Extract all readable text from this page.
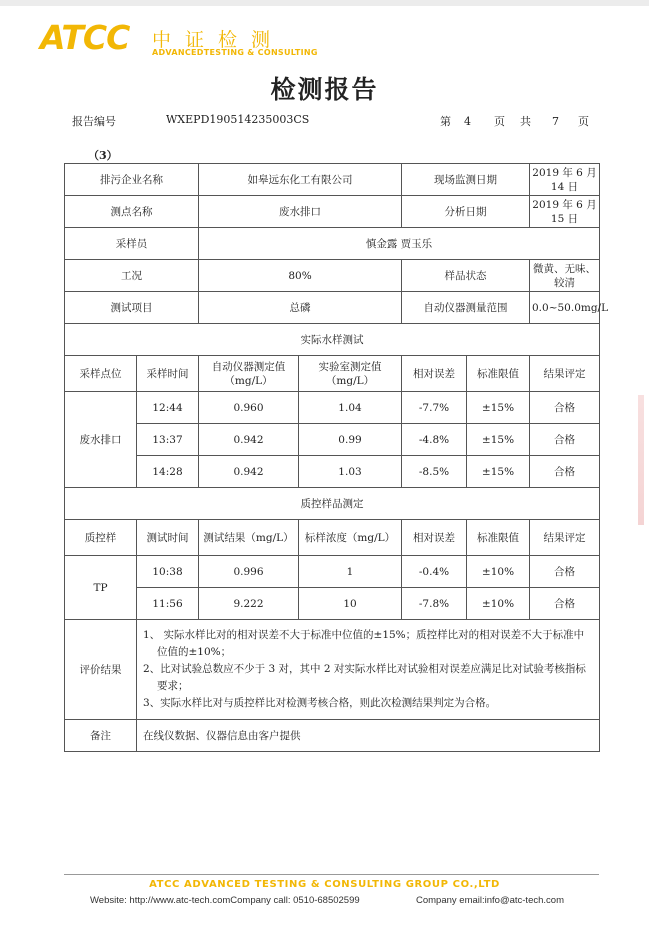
ATCC 中证检测
ADVANCEDTESTING & CONSULTING
检测报告
报告编号	WXEPD190514235003CS	第 4 页 共 7 页
（3）
排污企业名称		如皋远东化工有限公司		现场监测日期		2019 年 6 月 14 日
测点名称		废水排口		分析日期		2019 年 6 月 15 日
采样员		慎金露 贾玉乐				
工况		80%		样品状态		微黄、无味、较清
测试项目		总磷		自动仪器测量范围		0.0~50.0mg/L
实际水样测试						
采样点位	采样时间	自动仪器测定值（mg/L）	实验室测定值（mg/L）	相对误差	标准限值	结果评定
废水排口	12:44	0.960	1.04	-7.7%	±15%	合格
	13:37	0.942	0.99	-4.8%	±15%	合格
	14:28	0.942	1.03	-8.5%	±15%	合格
质控样品测定						
质控样	测试时间	测试结果（mg/L）	标样浓度（mg/L）	相对误差	标准限值	结果评定
TP	10:38	0.996	1	-0.4%	±10%	合格
	11:56	9.222	10	-7.8%	±10%	合格
评价结果	1、 实际水样比对的相对误差不大于标准中位值的±15%；质控样比对的相对误差不大于标准中位值的±10%；
2、比对试验总数应不少于 3 对，其中 2 对实际水样比对试验相对误差应满足比对试验考核指标要求；
3、实际水样比对与质控样比对检测考核合格，则此次检测结果判定为合格。					

备注	在线仪数据、仪器信息由客户提供					
ATCC ADVANCED TESTING & CONSULTING GROUP CO.,LTD
Website: http://www.atc-tech.comCompany call: 0510-68502599	Company email:info@atc-tech.com
